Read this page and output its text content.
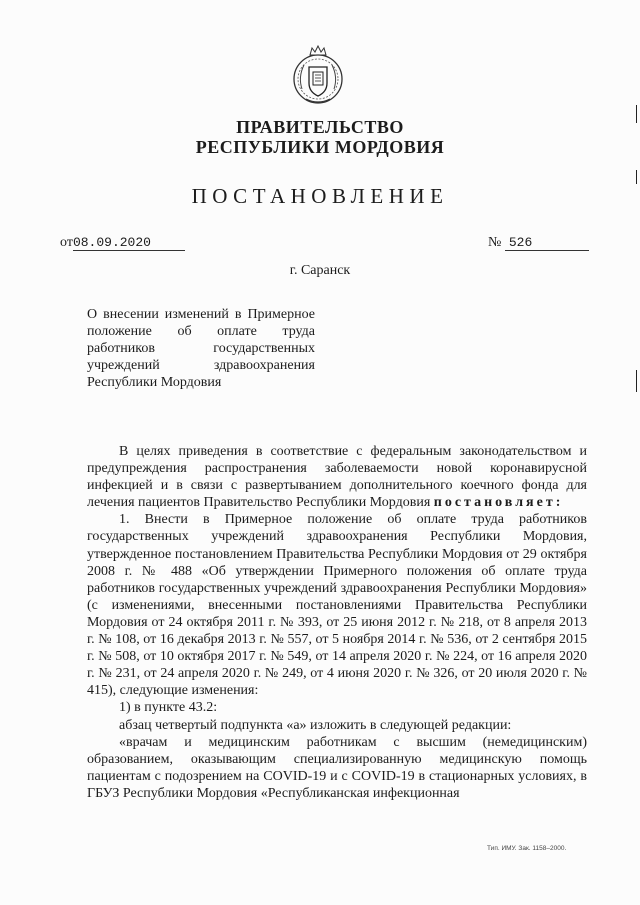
ПРАВИТЕЛЬСТВО
РЕСПУБЛИКИ МОРДОВИЯ
ПОСТАНОВЛЕНИЕ
от08.09.2020	№ 526
г. Саранск
О внесении изменений в Примерное положение об оплате труда работников государственных учреждений здравоохранения Республики Мордовия

В целях приведения в соответствие с федеральным законодательством и предупреждения распространения заболеваемости новой коронавирусной инфекцией и в связи с развертыванием дополнительного коечного фонда для лечения пациентов Правительство Республики Мордовия постановляет:

1. Внести в Примерное положение об оплате труда работников государственных учреждений здравоохранения Республики Мордовия, утвержденное постановлением Правительства Республики Мордовия от 29 октября 2008 г. № 488 «Об утверждении Примерного положения об оплате труда работников государственных учреждений здравоохранения Республики Мордовия» (с изменениями, внесенными постановлениями Правительства Республики Мордовия от 24 октября 2011 г. № 393, от 25 июня 2012 г. № 218, от 8 апреля 2013 г. № 108, от 16 декабря 2013 г. № 557, от 5 ноября 2014 г. № 536, от 2 сентября 2015 г. № 508, от 10 октября 2017 г. № 549, от 14 апреля 2020 г. № 224, от 16 апреля 2020 г. № 231, от 24 апреля 2020 г. № 249, от 4 июня 2020 г. № 326, от 20 июля 2020 г. № 415), следующие изменения:

1) в пункте 43.2:

абзац четвертый подпункта «а» изложить в следующей редакции:

«врачам и медицинским работникам с высшим (немедицинским) образованием, оказывающим специализированную медицинскую помощь пациентам с подозрением на COVID-19 и с COVID-19 в стационарных условиях, в ГБУЗ Республики Мордовия «Республиканская инфекционная

Тип. ИМУ. Зак. 1158–2000.
